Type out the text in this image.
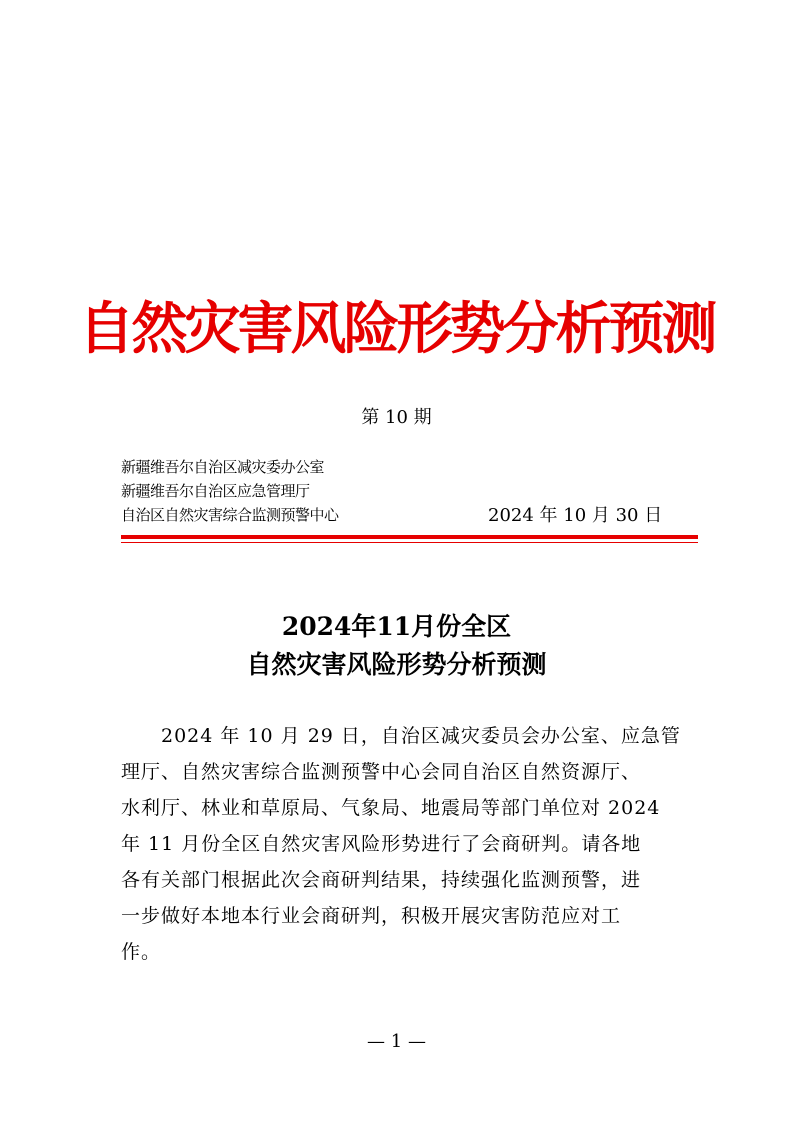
自然灾害风险形势分析预测
第 10 期
新疆维吾尔自治区减灾委办公室
新疆维吾尔自治区应急管理厅
自治区自然灾害综合监测预警中心	2024 年 10 月 30 日
2024年11月份全区
自然灾害风险形势分析预测
　　2024 年 10 月 29 日，自治区减灾委员会办公室、应急管
理厅、自然灾害综合监测预警中心会同自治区自然资源厅、
水利厅、林业和草原局、气象局、地震局等部门单位对 2024
年 11 月份全区自然灾害风险形势进行了会商研判。请各地
各有关部门根据此次会商研判结果，持续强化监测预警，进
一步做好本地本行业会商研判，积极开展灾害防范应对工
作。
— 1 —
